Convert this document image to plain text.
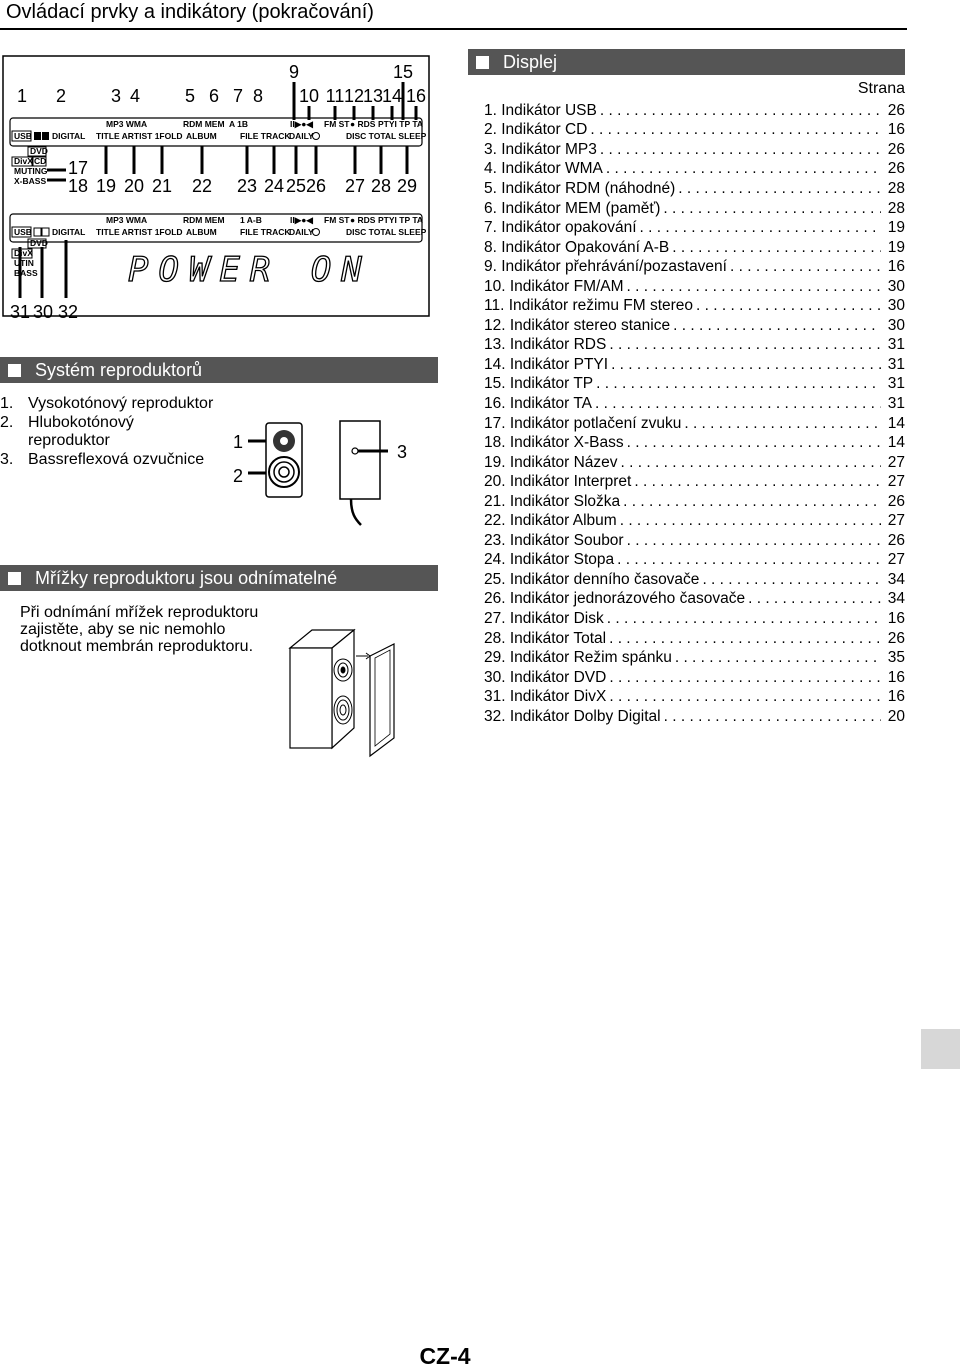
Ovládací prvky a indikátory (pokračování)
9	15
1 2 3 4 5 6 7 8 10 11 12
13
14 16
USB DIGITAL
MP3 WMA
TITLE ARTIST 1FOLD
RDM MEM
ALBUM
A 1B
FILE TRACK
II▶●◀
DAILY
FM ST ● RDS PTYI TP TA
DISC TOTAL SLEEP
DVD
DivX CD
MUTING
X-BASS
17
18 19 20 21 22 23 24 25 26 27 28 29
USB DIGITAL
MP3 WMA
TITLE ARTIST 1FOLD
RDM MEM
ALBUM
1 A-B
FILE TRACK
II▶●◀
DAILY
FM ST ● RDS PTYI TP TA
DISC TOTAL SLEEP
DVD
DivX
UTIN
BASS	POWER ON
31 30 32
Systém reproduktorů
1. Vysokotónový reproduktor
2. Hlubokotónový reproduktor
3. Bassreflexová ozvučnice
1
2
3
Mřížky reproduktoru jsou odnímatelné

Při odnímání mřížek reproduktoru zajistěte, aby se nic nemohlo dotknout membrán reproduktoru.

Displej
Strana
1. Indikátor USB . . .	26
2. Indikátor CD . . .	16
3. Indikátor MP3 . . .	26
4. Indikátor WMA . . .	26
5. Indikátor RDM (náhodné) . . .	28
6. Indikátor MEM (paměť) . . .	28
7. Indikátor opakování . . .	19
8. Indikátor Opakování A-B . . .	19
9. Indikátor přehrávání/pozastavení . . .	16
10. Indikátor FM/AM . . .	30
11. Indikátor režimu FM stereo . . .	30
12. Indikátor stereo stanice . . .	30
13. Indikátor RDS . . .	31
14. Indikátor PTYI . . .	31
15. Indikátor TP . . .	31
16. Indikátor TA . . .	31
17. Indikátor potlačení zvuku . . .	14
18. Indikátor X-Bass . . .	14
19. Indikátor Název . . .	27
20. Indikátor Interpret . . .	27
21. Indikátor Složka . . .	26
22. Indikátor Album . . .	27
23. Indikátor Soubor . . .	26
24. Indikátor Stopa . . .	27
25. Indikátor denního časovače . . .	34
26. Indikátor jednorázového časovače . . .	34
27. Indikátor Disk . . .	16
28. Indikátor Total . . .	26
29. Indikátor Režim spánku . . .	35
30. Indikátor DVD . . .	16
31. Indikátor DivX . . .	16
32. Indikátor Dolby Digital . . .	20
CZ-4
